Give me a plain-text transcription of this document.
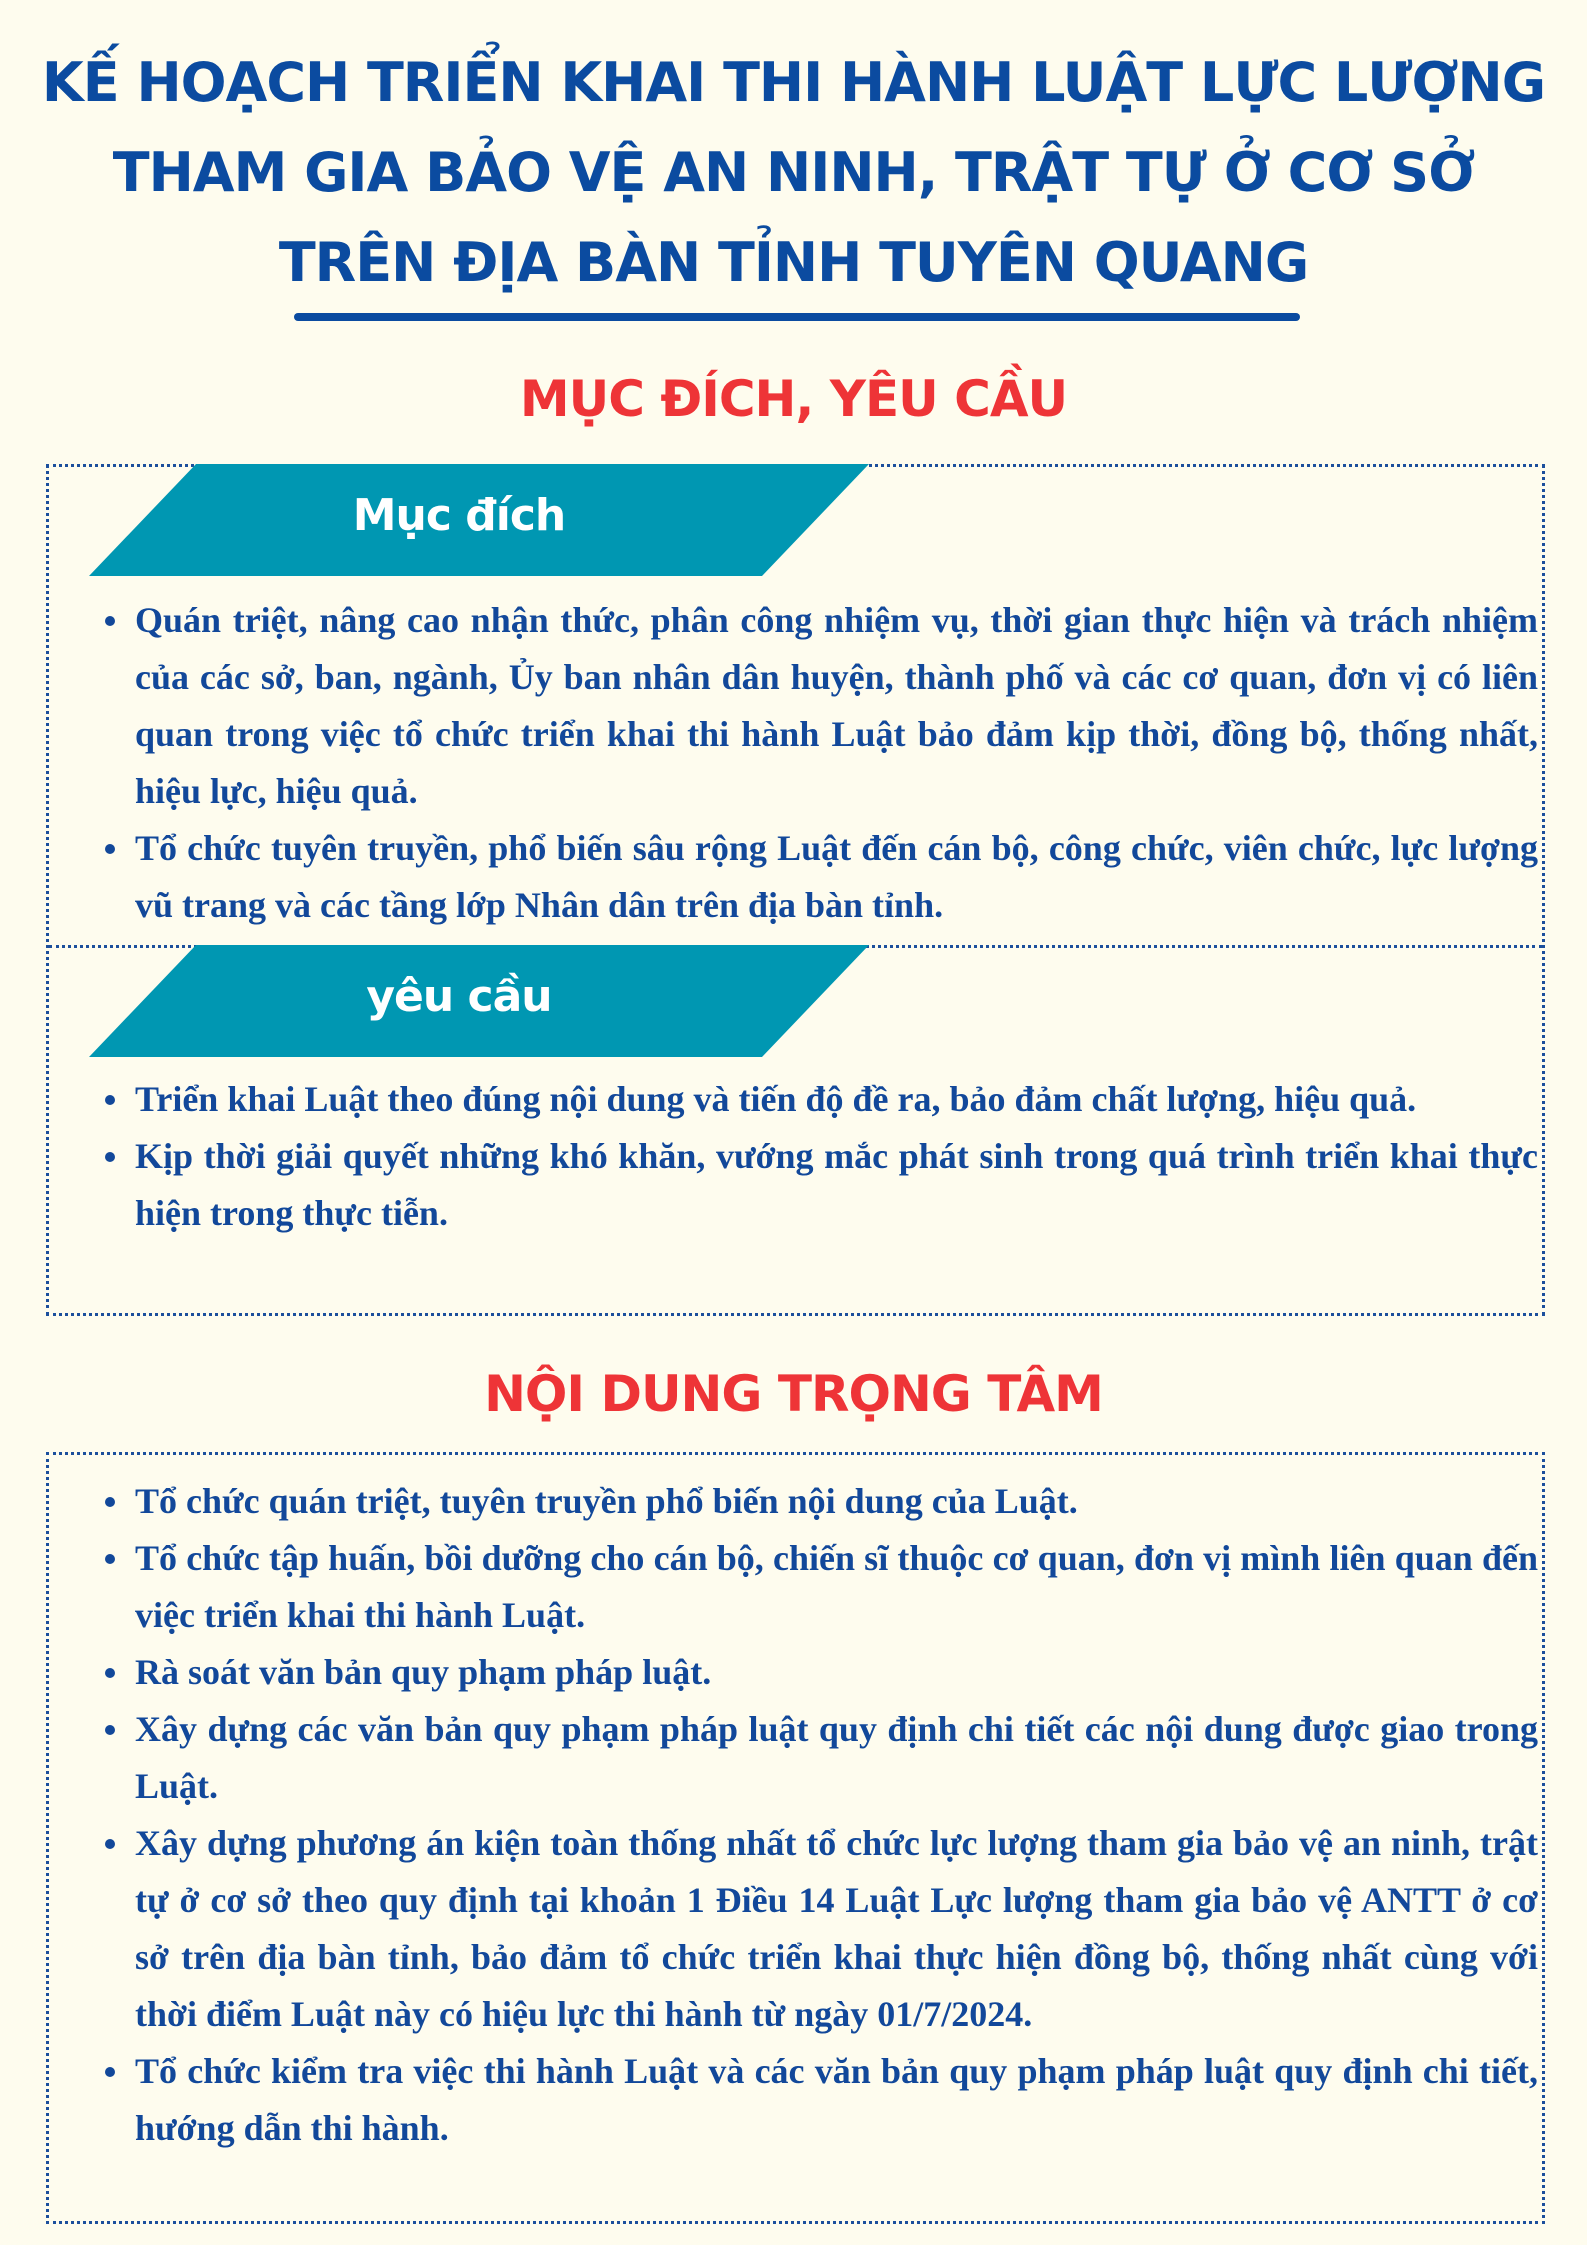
KẾ HOẠCH TRIỂN KHAI THI HÀNH LUẬT LỰC LƯỢNG
THAM GIA BẢO VỆ AN NINH, TRẬT TỰ Ở CƠ SỞ
TRÊN ĐỊA BÀN TỈNH TUYÊN QUANG
MỤC ĐÍCH, YÊU CẦU
Mục đích
Quán triệt, nâng cao nhận thức, phân công nhiệm vụ, thời gian thực hiện và trách nhiệm của các sở, ban, ngành, Ủy ban nhân dân huyện, thành phố và các cơ quan, đơn vị có liên quan trong việc tổ chức triển khai thi hành Luật bảo đảm kịp thời, đồng bộ, thống nhất, hiệu lực, hiệu quả.
Tổ chức tuyên truyền, phổ biến sâu rộng Luật đến cán bộ, công chức, viên chức, lực lượng vũ trang và các tầng lớp Nhân dân trên địa bàn tỉnh.
yêu cầu
Triển khai Luật theo đúng nội dung và tiến độ đề ra, bảo đảm chất lượng, hiệu quả.
Kịp thời giải quyết những khó khăn, vướng mắc phát sinh trong quá trình triển khai thực hiện trong thực tiễn.
NỘI DUNG TRỌNG TÂM
Tổ chức quán triệt, tuyên truyền phổ biến nội dung của Luật.
Tổ chức tập huấn, bồi dưỡng cho cán bộ, chiến sĩ thuộc cơ quan, đơn vị mình liên quan đến việc triển khai thi hành Luật.
Rà soát văn bản quy phạm pháp luật.
Xây dựng các văn bản quy phạm pháp luật quy định chi tiết các nội dung được giao trong Luật.
Xây dựng phương án kiện toàn thống nhất tổ chức lực lượng tham gia bảo vệ an ninh, trật tự ở cơ sở theo quy định tại khoản 1 Điều 14 Luật Lực lượng tham gia bảo vệ ANTT ở cơ sở trên địa bàn tỉnh, bảo đảm tổ chức triển khai thực hiện đồng bộ, thống nhất cùng với thời điểm Luật này có hiệu lực thi hành từ ngày 01/7/2024.
Tổ chức kiểm tra việc thi hành Luật và các văn bản quy phạm pháp luật quy định chi tiết, hướng dẫn thi hành.
